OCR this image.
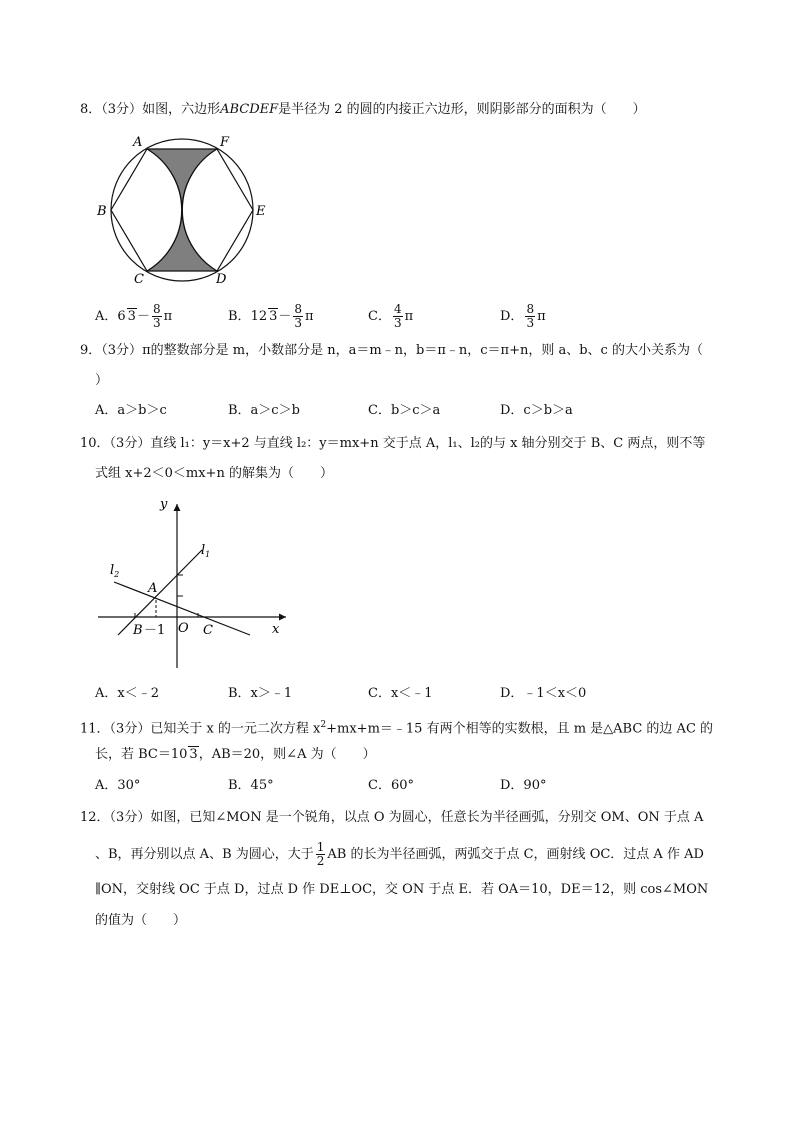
8．（3分）如图，六边形ABCDEF是半径为 2 的圆的内接正六边形，则阴影部分的面积为（　　）
A	F
B	E
C	D
A．6 $3- \frac{8}{3}$ π	B．12 $3- \frac{8}{3}$ π	C． $\frac{4}{3}$ π	D． $\frac{8}{3}$ π
9．（3分）π的整数部分是 m，小数部分是 n，a＝m﹣n，b＝π﹣n，c＝π+n，则 a、b、c 的大小关系为（
）
A．a＞b＞c	B．a＞c＞b	C．b＞c＞a	D．c＞b＞a
10．（3分）直线 l₁：y＝x+2 与直线 l₂：y＝mx+n 交于点 A，l₁、l₂的与 x 轴分别交于 B、C 两点，则不等
式组 x+2＜0＜mx+n 的解集为（　　）
y
x
$l_1$
$l_2$
A
B －1 O C
A．x＜﹣2	B．x＞﹣1	C．x＜﹣1	D．﹣1＜x＜0
11．（3分）已知关于 x 的一元二次方程 $x^2+mx+m=﹣15$ 有两个相等的实数根，且 m 是△ABC 的边 AC 的
长，若 BC＝10 3，AB＝20，则∠A 为（　　）
A．30°	B．45°	C．60°	D．90°
12．（3分）如图，已知∠MON 是一个锐角，以点 O 为圆心，任意长为半径画弧，分别交 OM、ON 于点 A
、B，再分别以点 A、B 为圆心，大于 $\frac{1}{2}$ AB 的长为半径画弧，两弧交于点 C，画射线 OC．过点 A 作 AD
∥ON，交射线 OC 于点 D，过点 D 作 DE⊥OC，交 ON 于点 E．若 OA＝10，DE＝12，则 cos∠MON
的值为（　　）
